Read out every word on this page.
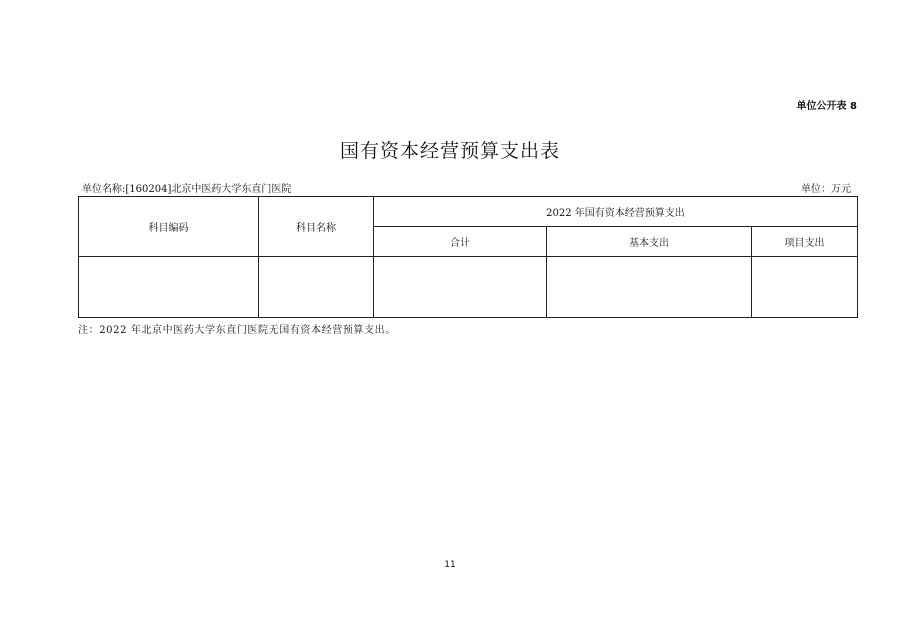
单位公开表 8
国有资本经营预算支出表
单位名称:[160204]北京中医药大学东直门医院	单位：万元
科目编码	科目名称	2022 年国有资本经营预算支出		
		合计	基本支出	项目支出

注：2022 年北京中医药大学东直门医院无国有资本经营预算支出。
11
